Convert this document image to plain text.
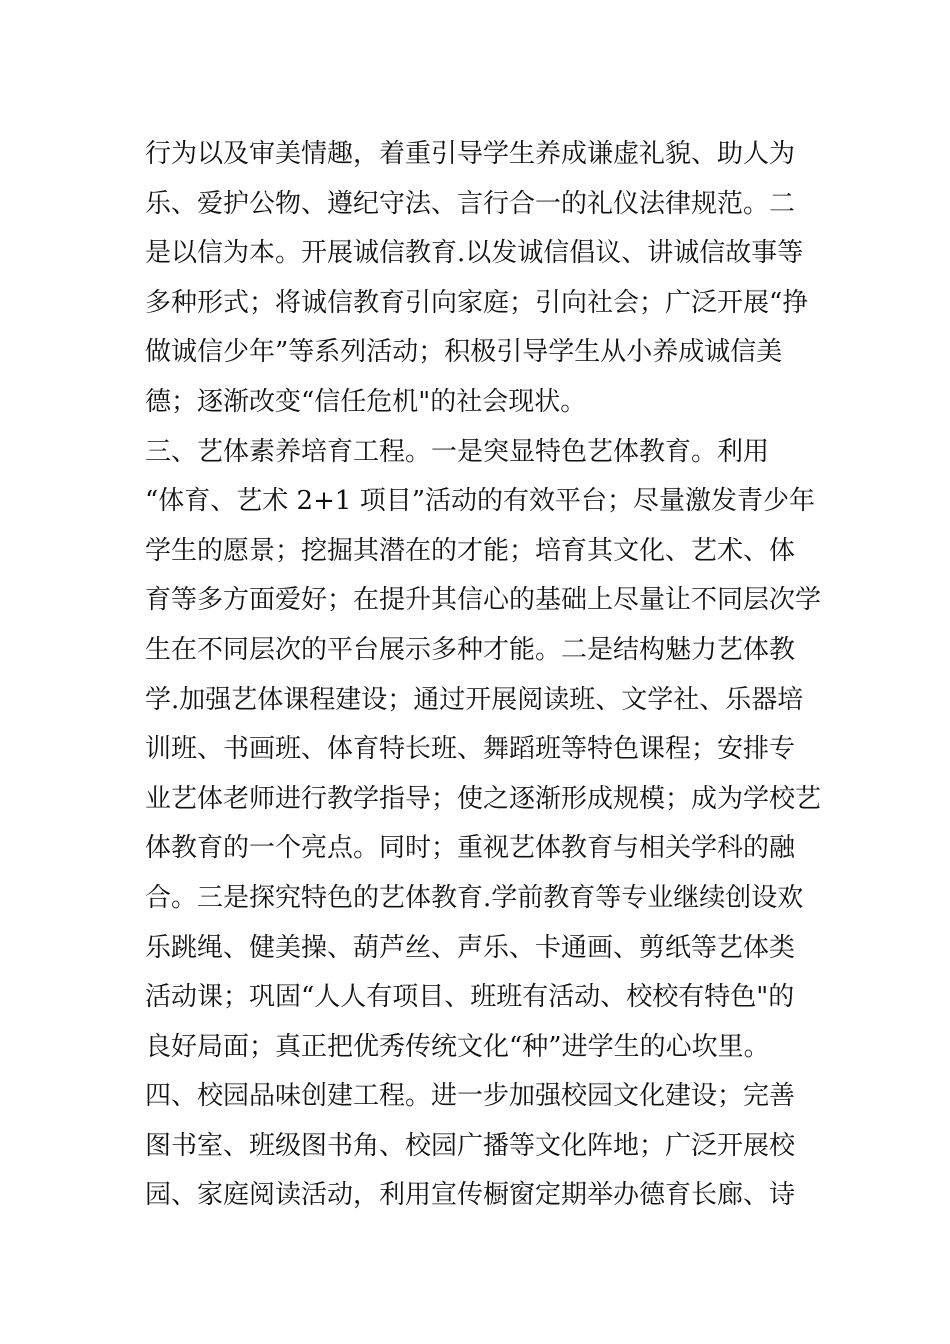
行为以及审美情趣，着重引导学生养成谦虚礼貌、助人为
乐、爱护公物、遵纪守法、言行合一的礼仪法律规范。二
是以信为本。开展诚信教育.以发诚信倡议、讲诚信故事等
多种形式；将诚信教育引向家庭；引向社会；广泛开展“挣
做诚信少年”等系列活动；积极引导学生从小养成诚信美
德；逐渐改变“信任危机"的社会现状。
三、艺体素养培育工程。一是突显特色艺体教育。利用
“体育、艺术 2+1 项目”活动的有效平台；尽量激发青少年
学生的愿景；挖掘其潜在的才能；培育其文化、艺术、体
育等多方面爱好；在提升其信心的基础上尽量让不同层次学
生在不同层次的平台展示多种才能。二是结构魅力艺体教
学.加强艺体课程建设；通过开展阅读班、文学社、乐器培
训班、书画班、体育特长班、舞蹈班等特色课程；安排专
业艺体老师进行教学指导；使之逐渐形成规模；成为学校艺
体教育的一个亮点。同时；重视艺体教育与相关学科的融
合。三是探究特色的艺体教育.学前教育等专业继续创设欢
乐跳绳、健美操、葫芦丝、声乐、卡通画、剪纸等艺体类
活动课；巩固“人人有项目、班班有活动、校校有特色"的
良好局面；真正把优秀传统文化“种”进学生的心坎里。
四、校园品味创建工程。进一步加强校园文化建设；完善
图书室、班级图书角、校园广播等文化阵地；广泛开展校
园、家庭阅读活动，利用宣传橱窗定期举办德育长廊、诗
